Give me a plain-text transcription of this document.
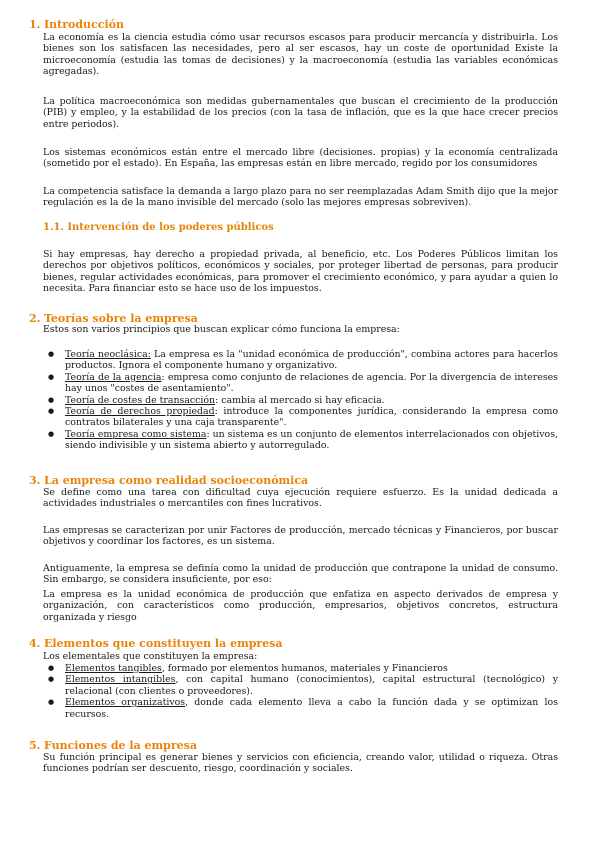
1. Introducción

La economía es la ciencia estudia cómo usar recursos escasos para producir mercancía y distribuirla. Los bienes son los satisfacen las necesidades, pero al ser escasos, hay un coste de oportunidad Existe la microeconomía (estudia las tomas de decisiones) y la macroeconomía (estudia las variables económicas agregadas).

La política macroeconómica son medidas gubernamentales que buscan el crecimiento de la producción (PIB) y empleo, y la estabilidad de los precios (con la tasa de inflación, que es la que hace crecer precios entre periodos).

Los sistemas económicos están entre el mercado libre (decisiones. propias) y la economía centralizada (sometido por el estado). En España, las empresas están en libre mercado, regido por los consumidores

La competencia satisface la demanda a largo plazo para no ser reemplazadas Adam Smith dijo que la mejor regulación es la de la mano invisible del mercado (solo las mejores empresas sobreviven).

1.1. Intervención de los poderes públicos

Si hay empresas, hay derecho a propiedad privada, al beneficio, etc. Los Poderes Públicos limitan los derechos por objetivos políticos, económicos y sociales, por proteger libertad de personas, para producir bienes, regular actividades económicas, para promover el crecimiento económico, y para ayudar a quien lo necesita. Para financiar esto se hace uso de los impuestos.

2. Teorías sobre la empresa

Estos son varios principios que buscan explicar cómo funciona la empresa:

● Teoría neoclásica: La empresa es la "unidad económica de producción", combina actores para hacerlos productos. Ignora el componente humano y organizativo.
● Teoría de la agencia: empresa como conjunto de relaciones de agencia. Por la divergencia de intereses hay unos "costes de asentamiento".
● Teoría de costes de transacción: cambia al mercado si hay eficacia.
● Teoría de derechos propiedad: introduce la componentes jurídica, considerando la empresa como contratos bilaterales y una caja transparente".
● Teoría empresa como sistema: un sistema es un conjunto de elementos interrelacionados con objetivos, siendo indivisible y un sistema abierto y autorregulado.
3. La empresa como realidad socioeconómica

Se define como una tarea con dificultad cuya ejecución requiere esfuerzo. Es la unidad dedicada a actividades industriales o mercantiles con fines lucrativos.

Las empresas se caracterizan por unir Factores de producción, mercado técnicas y Financieros, por buscar objetivos y coordinar los factores, es un sistema.

Antiguamente, la empresa se definía como la unidad de producción que contrapone la unidad de consumo. Sin embargo, se considera insuficiente, por eso:

La empresa es la unidad económica de producción que enfatiza en aspecto derivados de empresa y organización, con característicos como producción, empresarios, objetivos concretos, estructura organizada y riesgo

4. Elementos que constituyen la empresa

Los elementales que constituyen la empresa:

● Elementos tangibles, formado por elementos humanos, materiales y Financieros
● Elementos intangibles, con capital humano (conocimientos), capital estructural (tecnológico) y relacional (con clientes o proveedores).
● Elementos organizativos, donde cada elemento lleva a cabo la función dada y se optimizan los recursos.
5. Funciones de la empresa

Su función principal es generar bienes y servicios con eficiencia, creando valor, utilidad o riqueza. Otras funciones podrían ser descuento, riesgo, coordinación y sociales.
